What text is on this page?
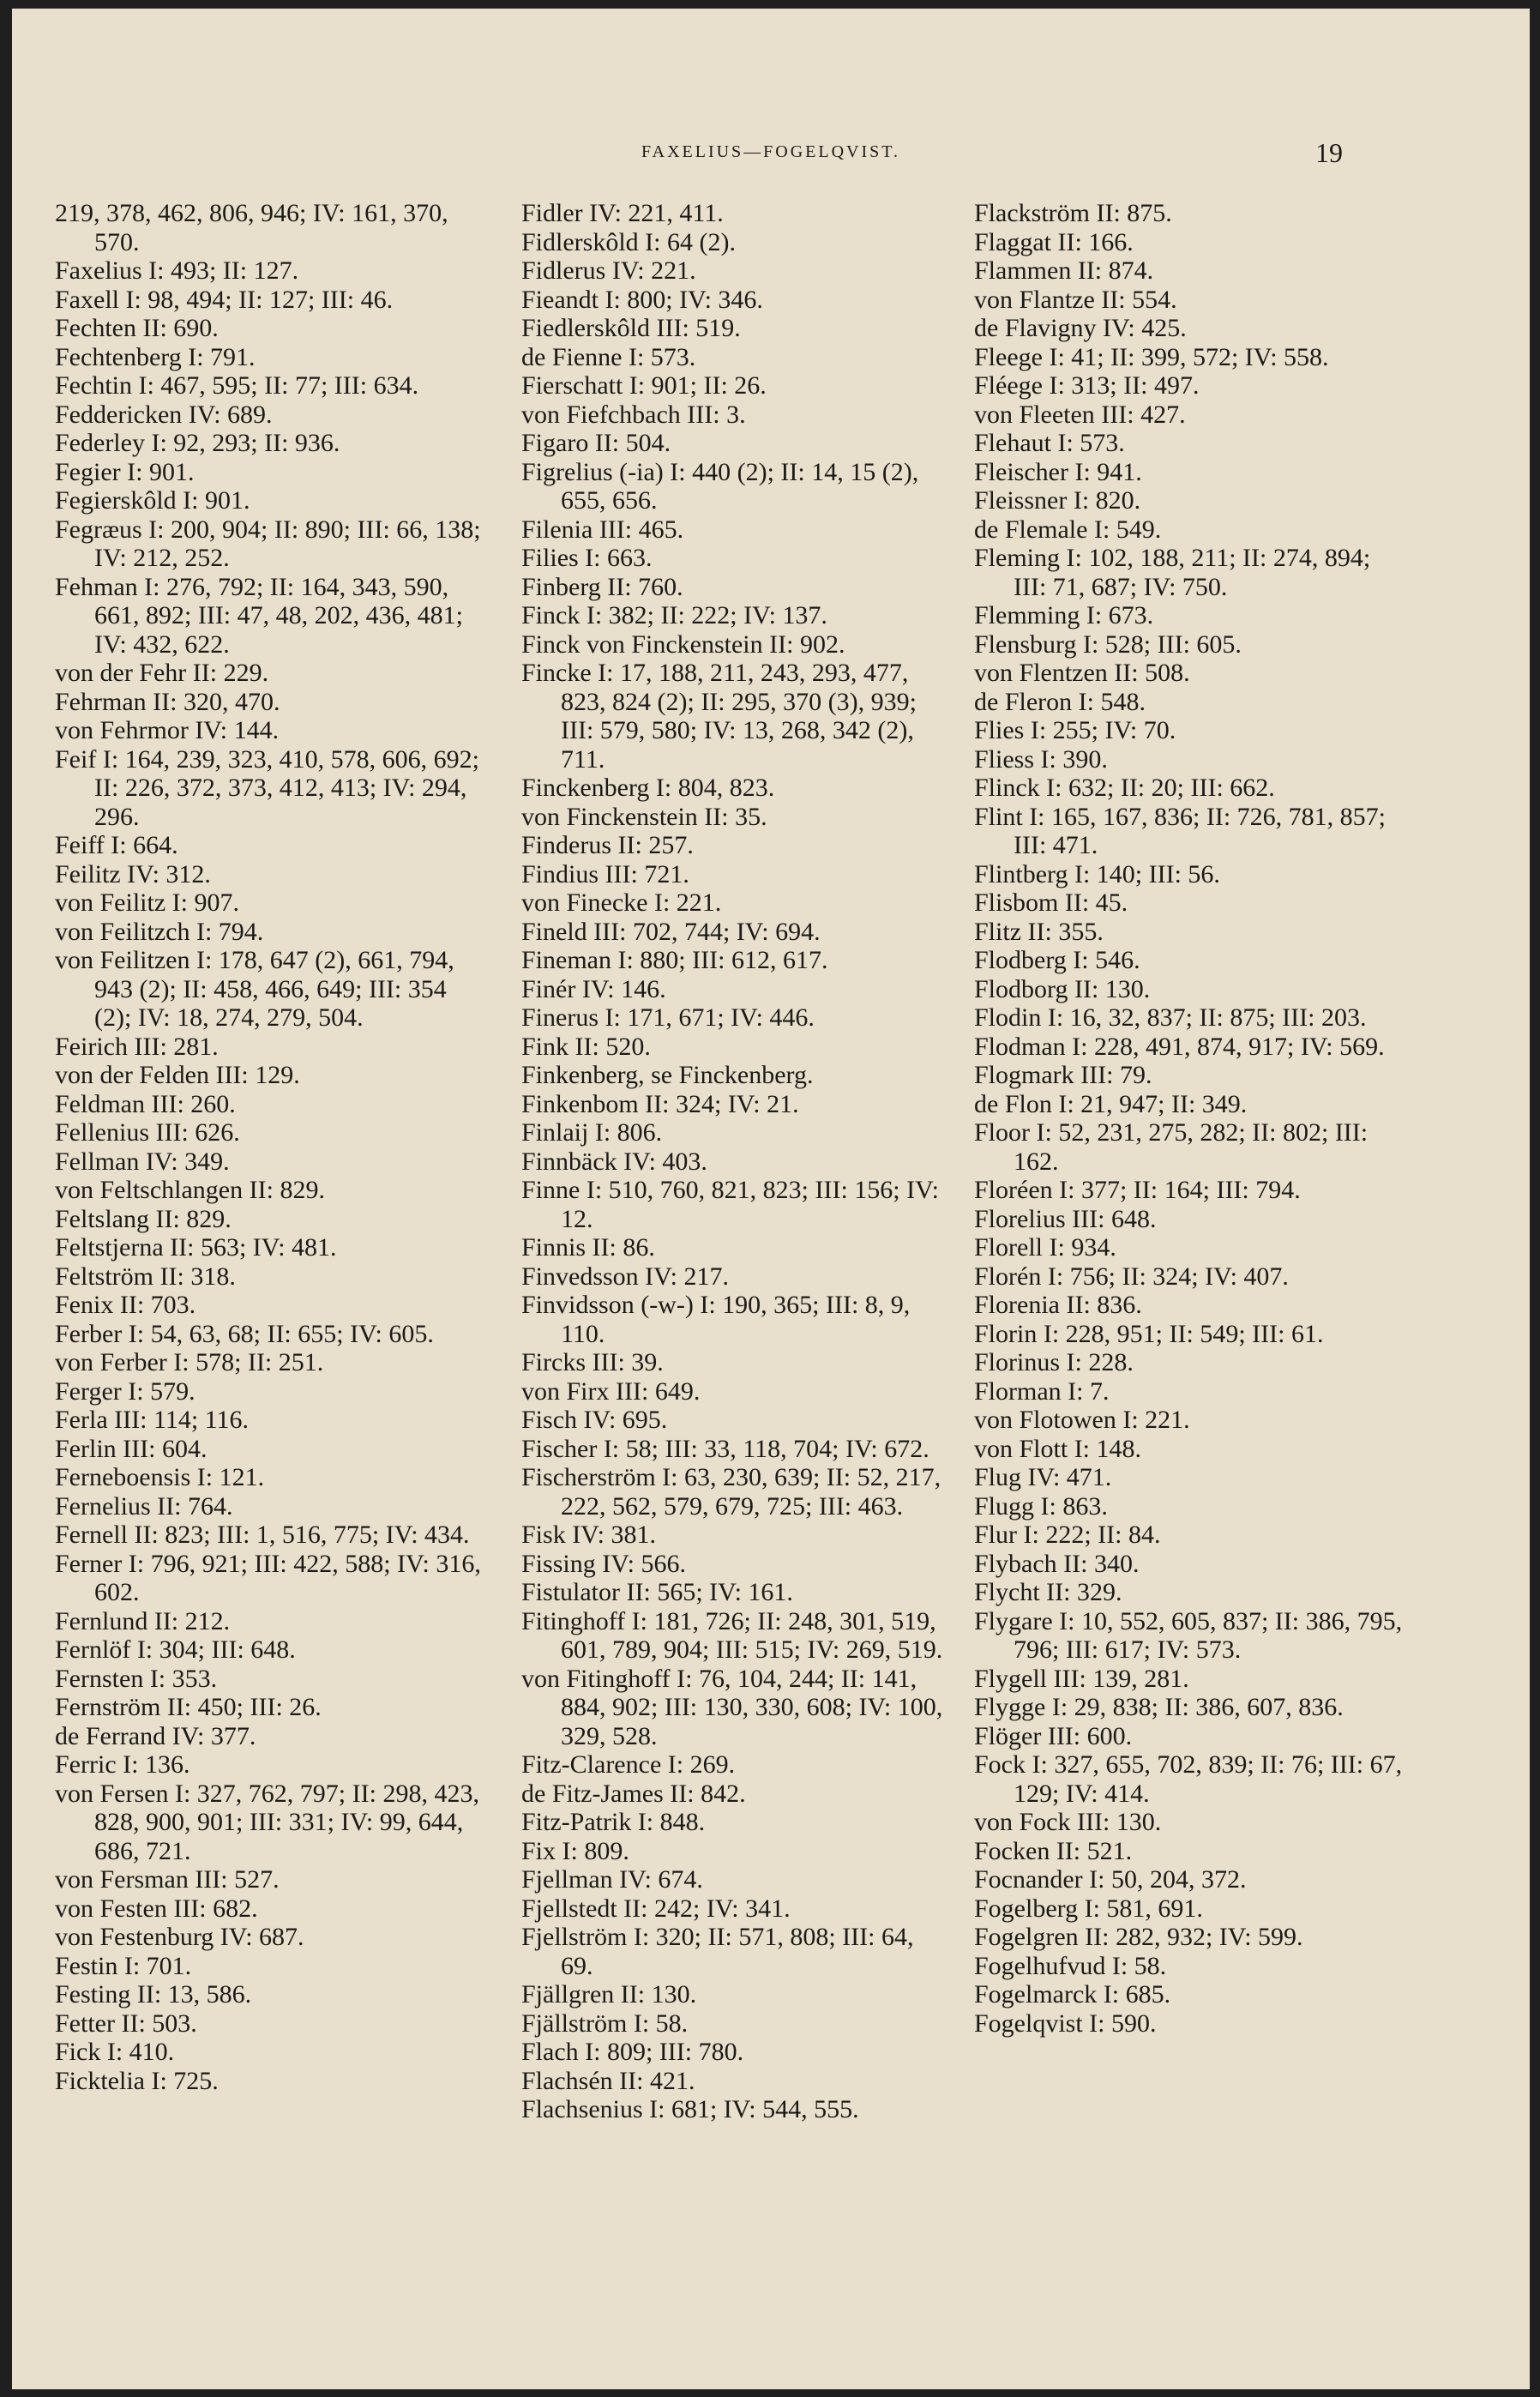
FAXELIUS—FOGELQVIST.	19
219, 378, 462, 806, 946; IV: 161, 370, 570.
Faxelius I: 493; II: 127.
Faxell I: 98, 494; II: 127; III: 46.
Fechten II: 690.
Fechtenberg I: 791.
Fechtin I: 467, 595; II: 77; III: 634.
Feddericken IV: 689.
Federley I: 92, 293; II: 936.
Fegier I: 901.
Fegierskôld I: 901.
Fegræus I: 200, 904; II: 890; III: 66, 138; IV: 212, 252.
Fehman I: 276, 792; II: 164, 343, 590, 661, 892; III: 47, 48, 202, 436, 481; IV: 432, 622.
von der Fehr II: 229.
Fehrman II: 320, 470.
von Fehrmor IV: 144.
Feif I: 164, 239, 323, 410, 578, 606, 692; II: 226, 372, 373, 412, 413; IV: 294, 296.
Feiff I: 664.
Feilitz IV: 312.
von Feilitz I: 907.
von Feilitzch I: 794.
von Feilitzen I: 178, 647 (2), 661, 794, 943 (2); II: 458, 466, 649; III: 354 (2); IV: 18, 274, 279, 504.
Feirich III: 281.
von der Felden III: 129.
Feldman III: 260.
Fellenius III: 626.
Fellman IV: 349.
von Feltschlangen II: 829.
Feltslang II: 829.
Feltstjerna II: 563; IV: 481.
Feltström II: 318.
Fenix II: 703.
Ferber I: 54, 63, 68; II: 655; IV: 605.
von Ferber I: 578; II: 251.
Ferger I: 579.
Ferla III: 114; 116.
Ferlin III: 604.
Ferneboensis I: 121.
Fernelius II: 764.
Fernell II: 823; III: 1, 516, 775; IV: 434.
Ferner I: 796, 921; III: 422, 588; IV: 316, 602.
Fernlund II: 212.
Fernlöf I: 304; III: 648.
Fernsten I: 353.
Fernström II: 450; III: 26.
de Ferrand IV: 377.
Ferric I: 136.
von Fersen I: 327, 762, 797; II: 298, 423, 828, 900, 901; III: 331; IV: 99, 644, 686, 721.
von Fersman III: 527.
von Festen III: 682.
von Festenburg IV: 687.
Festin I: 701.
Festing II: 13, 586.
Fetter II: 503.
Fick I: 410.
Ficktelia I: 725.
Fidler IV: 221, 411.
Fidlerskôld I: 64 (2).
Fidlerus IV: 221.
Fieandt I: 800; IV: 346.
Fiedlerskôld III: 519.
de Fienne I: 573.
Fierschatt I: 901; II: 26.
von Fiefchbach III: 3.
Figaro II: 504.
Figrelius (-ia) I: 440 (2); II: 14, 15 (2), 655, 656.
Filenia III: 465.
Filies I: 663.
Finberg II: 760.
Finck I: 382; II: 222; IV: 137.
Finck von Finckenstein II: 902.
Fincke I: 17, 188, 211, 243, 293, 477, 823, 824 (2); II: 295, 370 (3), 939; III: 579, 580; IV: 13, 268, 342 (2), 711.
Finckenberg I: 804, 823.
von Finckenstein II: 35.
Finderus II: 257.
Findius III: 721.
von Finecke I: 221.
Fineld III: 702, 744; IV: 694.
Fineman I: 880; III: 612, 617.
Finér IV: 146.
Finerus I: 171, 671; IV: 446.
Fink II: 520.
Finkenberg, se Finckenberg.
Finkenbom II: 324; IV: 21.
Finlaij I: 806.
Finnbäck IV: 403.
Finne I: 510, 760, 821, 823; III: 156; IV: 12.
Finnis II: 86.
Finvedsson IV: 217.
Finvidsson (-w-) I: 190, 365; III: 8, 9, 110.
Fircks III: 39.
von Firx III: 649.
Fisch IV: 695.
Fischer I: 58; III: 33, 118, 704; IV: 672.
Fischerström I: 63, 230, 639; II: 52, 217, 222, 562, 579, 679, 725; III: 463.
Fisk IV: 381.
Fissing IV: 566.
Fistulator II: 565; IV: 161.
Fitinghoff I: 181, 726; II: 248, 301, 519, 601, 789, 904; III: 515; IV: 269, 519.
von Fitinghoff I: 76, 104, 244; II: 141, 884, 902; III: 130, 330, 608; IV: 100, 329, 528.
Fitz-Clarence I: 269.
de Fitz-James II: 842.
Fitz-Patrik I: 848.
Fix I: 809.
Fjellman IV: 674.
Fjellstedt II: 242; IV: 341.
Fjellström I: 320; II: 571, 808; III: 64, 69.
Fjällgren II: 130.
Fjällström I: 58.
Flach I: 809; III: 780.
Flachsén II: 421.
Flachsenius I: 681; IV: 544, 555.
Flackström II: 875.
Flaggat II: 166.
Flammen II: 874.
von Flantze II: 554.
de Flavigny IV: 425.
Fleege I: 41; II: 399, 572; IV: 558.
Fléege I: 313; II: 497.
von Fleeten III: 427.
Flehaut I: 573.
Fleischer I: 941.
Fleissner I: 820.
de Flemale I: 549.
Fleming I: 102, 188, 211; II: 274, 894; III: 71, 687; IV: 750.
Flemming I: 673.
Flensburg I: 528; III: 605.
von Flentzen II: 508.
de Fleron I: 548.
Flies I: 255; IV: 70.
Fliess I: 390.
Flinck I: 632; II: 20; III: 662.
Flint I: 165, 167, 836; II: 726, 781, 857; III: 471.
Flintberg I: 140; III: 56.
Flisbom II: 45.
Flitz II: 355.
Flodberg I: 546.
Flodborg II: 130.
Flodin I: 16, 32, 837; II: 875; III: 203.
Flodman I: 228, 491, 874, 917; IV: 569.
Flogmark III: 79.
de Flon I: 21, 947; II: 349.
Floor I: 52, 231, 275, 282; II: 802; III: 162.
Floréen I: 377; II: 164; III: 794.
Florelius III: 648.
Florell I: 934.
Florén I: 756; II: 324; IV: 407.
Florenia II: 836.
Florin I: 228, 951; II: 549; III: 61.
Florinus I: 228.
Florman I: 7.
von Flotowen I: 221.
von Flott I: 148.
Flug IV: 471.
Flugg I: 863.
Flur I: 222; II: 84.
Flybach II: 340.
Flycht II: 329.
Flygare I: 10, 552, 605, 837; II: 386, 795, 796; III: 617; IV: 573.
Flygell III: 139, 281.
Flygge I: 29, 838; II: 386, 607, 836.
Flöger III: 600.
Fock I: 327, 655, 702, 839; II: 76; III: 67, 129; IV: 414.
von Fock III: 130.
Focken II: 521.
Focnander I: 50, 204, 372.
Fogelberg I: 581, 691.
Fogelgren II: 282, 932; IV: 599.
Fogelhufvud I: 58.
Fogelmarck I: 685.
Fogelqvist I: 590.
